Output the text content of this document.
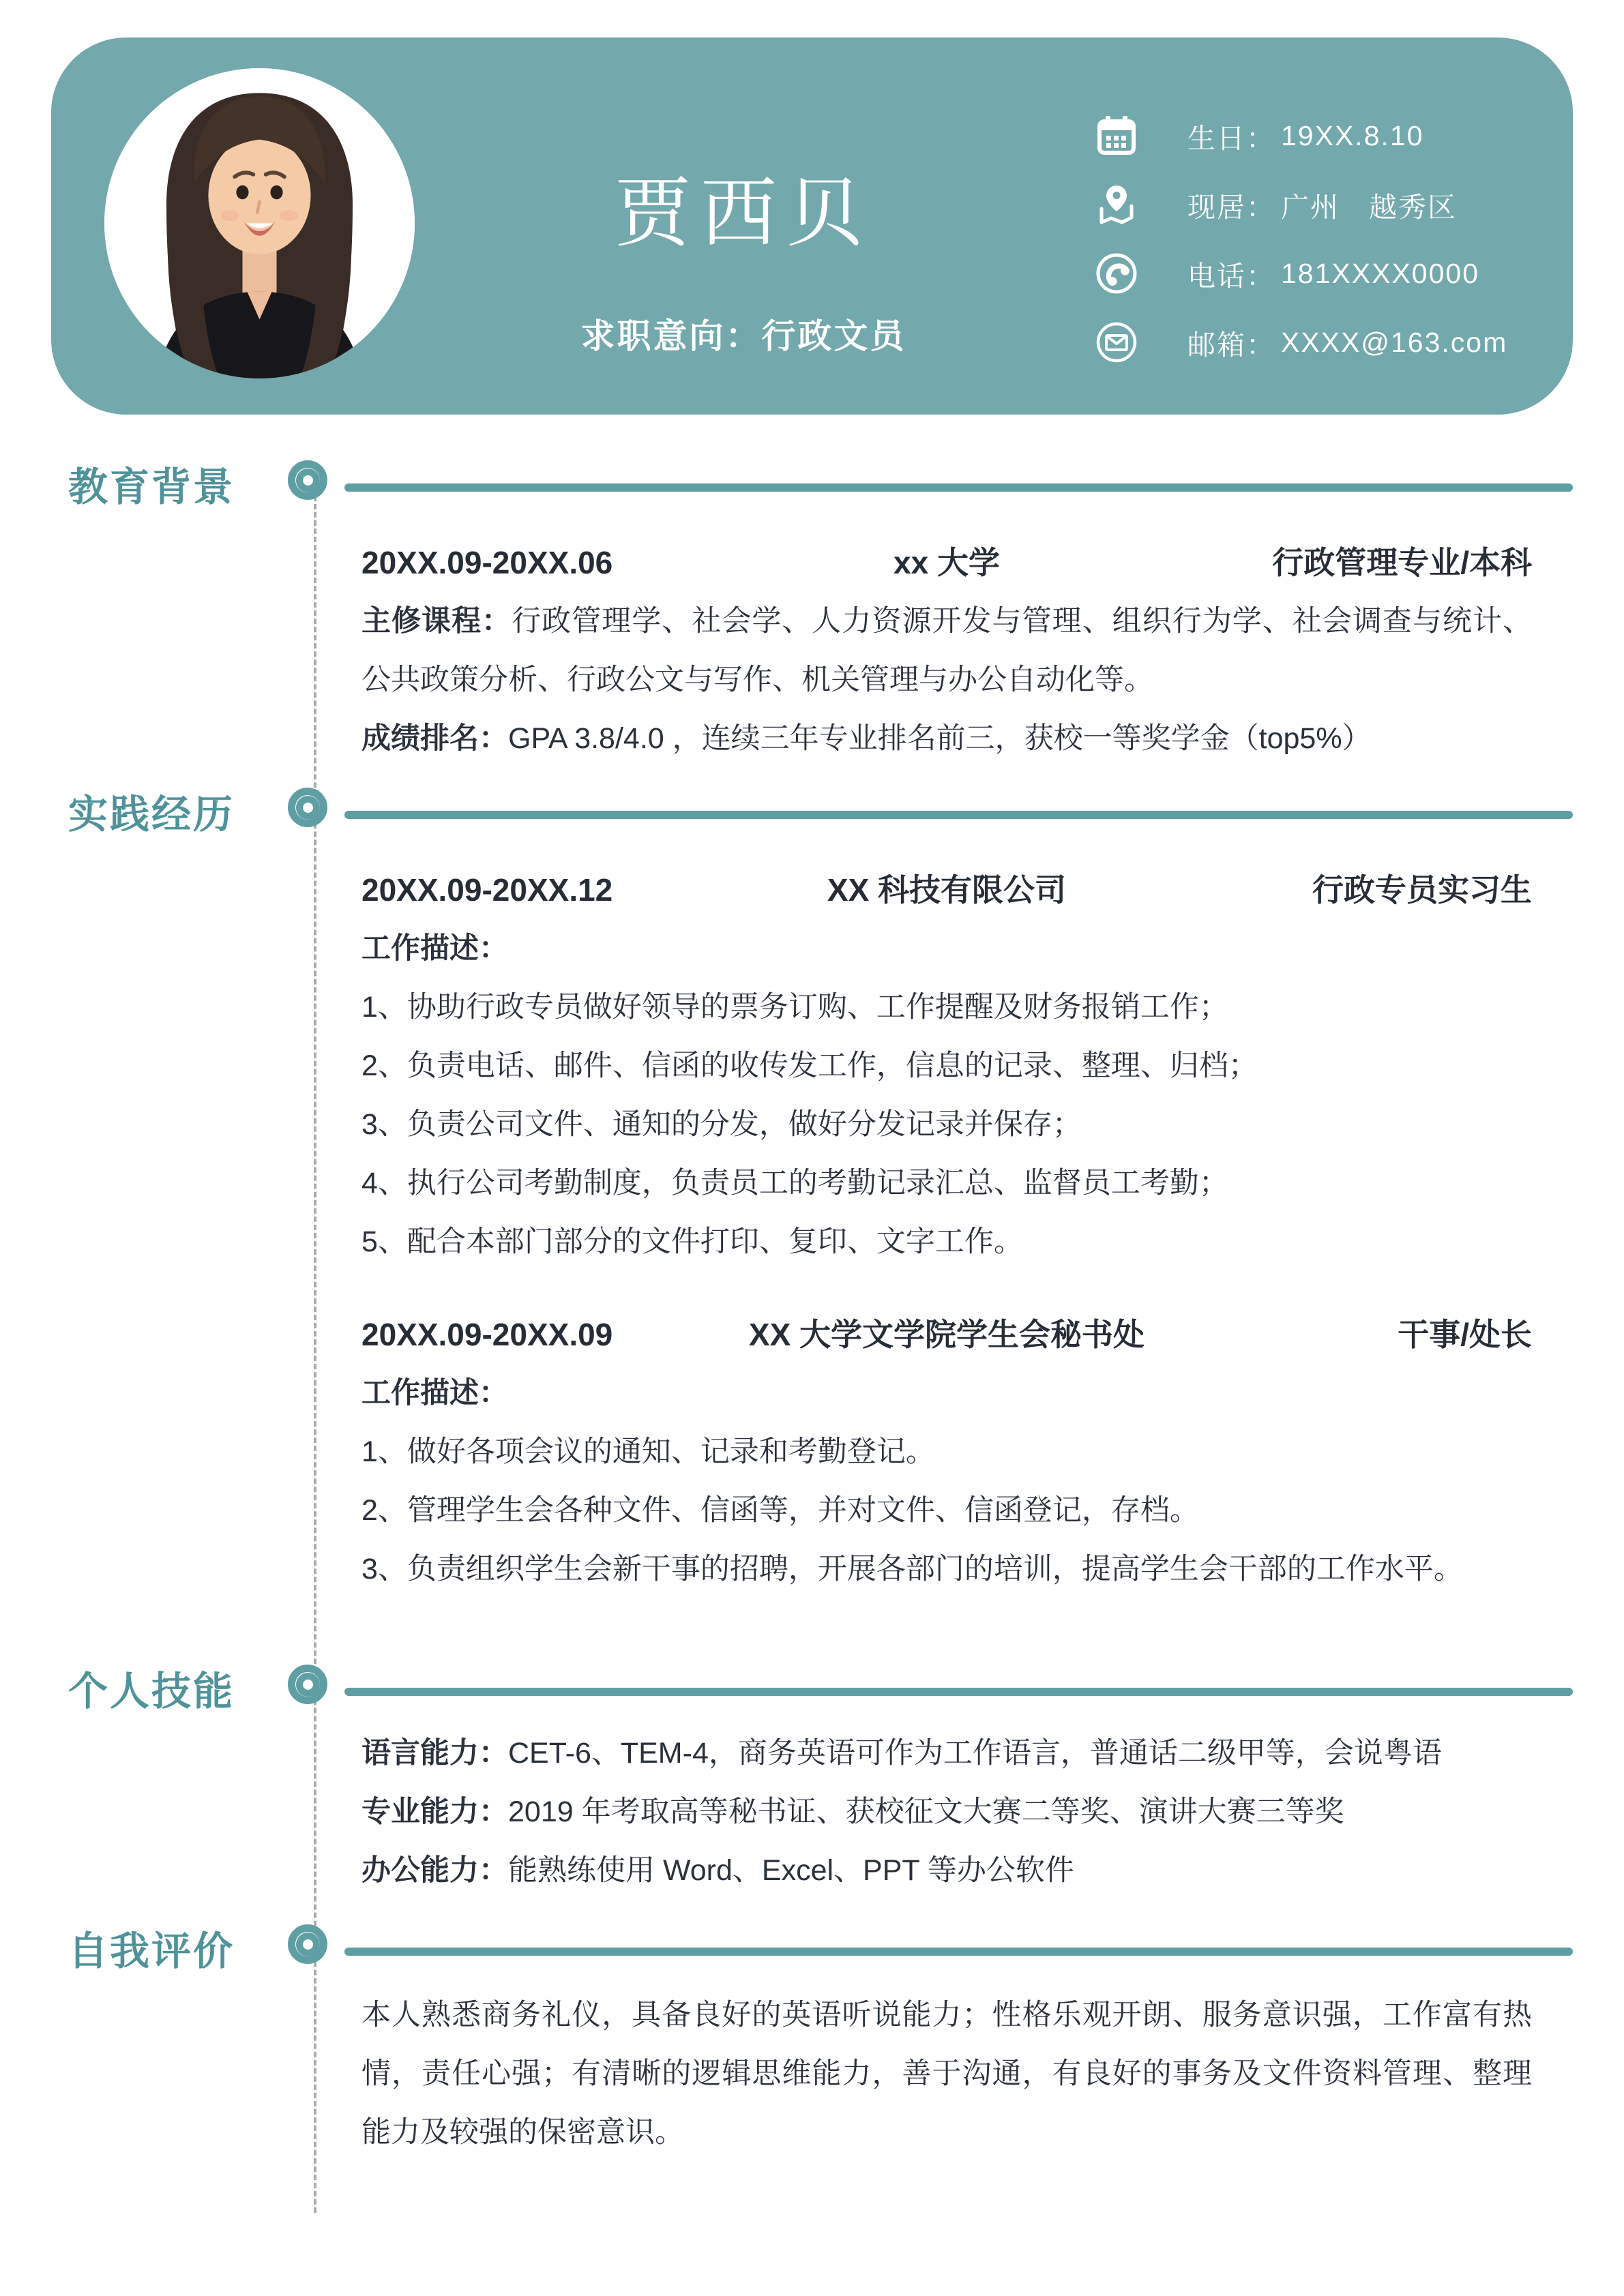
贾西贝
求职意向：行政文员
生日： 19XX.8.10
现居： 广州　越秀区
电话： 181XXXX0000
邮箱： XXXX@163.com
教育背景
20XX.09-20XX.06	xx 大学	行政管理专业/本科

主修课程：行政管理学、社会学、人力资源开发与管理、组织行为学、社会调查与统计、公共政策分析、行政公文与写作、机关管理与办公自动化等。

成绩排名：GPA 3.8/4.0 ，连续三年专业排名前三，获校一等奖学金（top5%）

实践经历
20XX.09-20XX.12	XX 科技有限公司	行政专员实习生

工作描述：

1、协助行政专员做好领导的票务订购、工作提醒及财务报销工作；

2、负责电话、邮件、信函的收传发工作，信息的记录、整理、归档；

3、负责公司文件、通知的分发，做好分发记录并保存；

4、执行公司考勤制度，负责员工的考勤记录汇总、监督员工考勤；

5、配合本部门部分的文件打印、复印、文字工作。

20XX.09-20XX.09	XX 大学文学院学生会秘书处	干事/处长

工作描述：

1、做好各项会议的通知、记录和考勤登记。

2、管理学生会各种文件、信函等，并对文件、信函登记，存档。

3、负责组织学生会新干事的招聘，开展各部门的培训，提高学生会干部的工作水平。

个人技能

语言能力：CET-6、TEM-4，商务英语可作为工作语言，普通话二级甲等，会说粤语

专业能力：2019 年考取高等秘书证、获校征文大赛二等奖、演讲大赛三等奖

办公能力：能熟练使用 Word、Excel、PPT 等办公软件

自我评价

本人熟悉商务礼仪，具备良好的英语听说能力；性格乐观开朗、服务意识强，工作富有热情，责任心强；有清晰的逻辑思维能力，善于沟通，有良好的事务及文件资料管理、整理能力及较强的保密意识。
